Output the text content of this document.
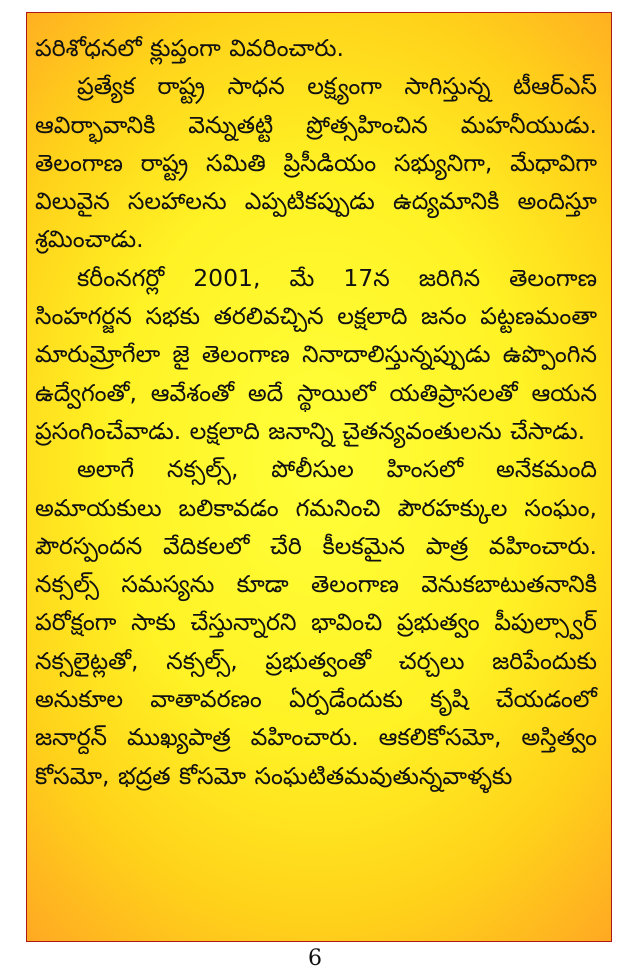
పరిశోధనలో క్లుప్తంగా వివరించారు.

ప్రత్యేక రాష్ట్ర సాధన లక్ష్యంగా సాగిస్తున్న టీఆర్ఎస్ ఆవిర్భావానికి వెన్నుతట్టి ప్రోత్సహించిన మహనీయుడు. తెలంగాణ రాష్ట్ర సమితి ప్రిసీడియం సభ్యునిగా, మేధావిగా విలువైన సలహాలను ఎప్పటికప్పుడు ఉద్యమానికి అందిస్తూ శ్రమించాడు.

కరీంనగర్లో 2001, మే 17న జరిగిన తెలంగాణ సింహగర్జన సభకు తరలివచ్చిన లక్షలాది జనం పట్టణమంతా మారుమ్రోగేలా జై తెలంగాణ నినాదాలిస్తున్నప్పుడు ఉప్పొంగిన ఉద్వేగంతో, ఆవేశంతో అదే స్థాయిలో యతిప్రాసలతో ఆయన ప్రసంగించేవాడు. లక్షలాది జనాన్ని చైతన్యవంతులను చేసాడు.

అలాగే నక్సల్స్, పోలీసుల హింసలో అనేకమంది అమాయకులు బలికావడం గమనించి పౌరహక్కుల సంఘం, పౌరస్పందన వేదికలలో చేరి కీలకమైన పాత్ర వహించారు. నక్సల్స్ సమస్యను కూడా తెలంగాణ వెనుకబాటుతనానికి పరోక్షంగా సాకు చేస్తున్నారని భావించి ప్రభుత్వం పీపుల్స్వార్ నక్సలైట్లతో, నక్సల్స్, ప్రభుత్వంతో చర్చలు జరిపేందుకు అనుకూల వాతావరణం ఏర్పడేందుకు కృషి చేయడంలో జనార్దన్ ముఖ్యపాత్ర వహించారు. ఆకలికోసమో, అస్తిత్వం కోసమో, భద్రత కోసమో సంఘటితమవుతున్నవాళ్ళకు

6
